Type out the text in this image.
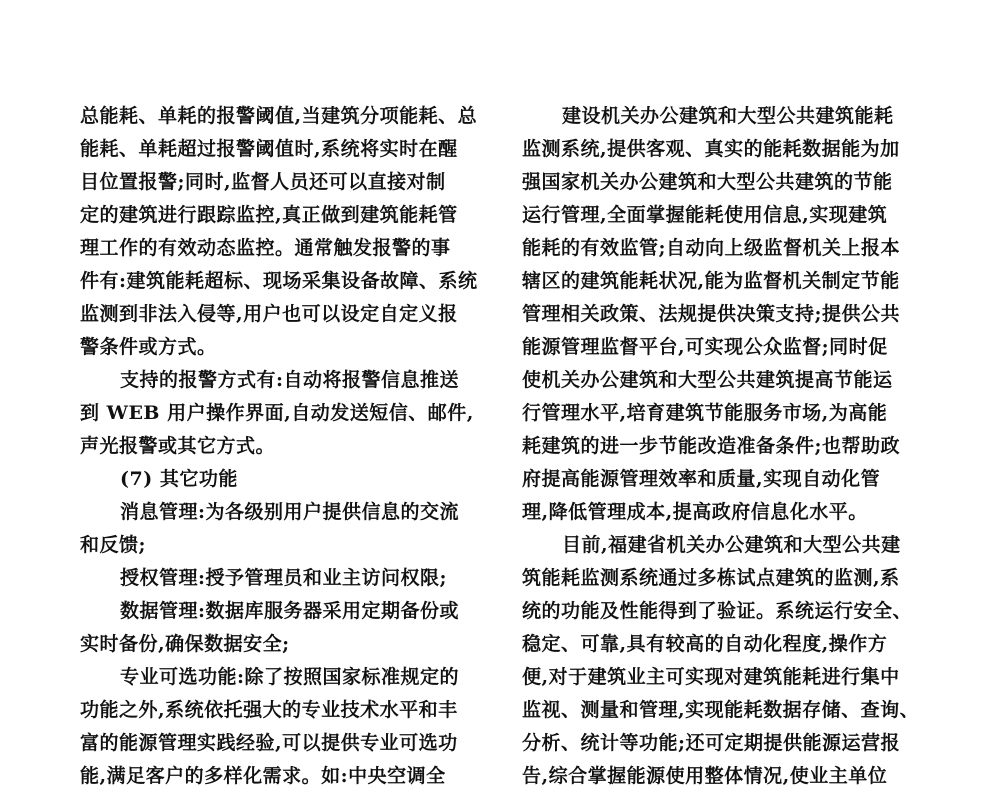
总能耗、单耗的报警阈值,当建筑分项能耗、总
能耗、单耗超过报警阈值时,系统将实时在醒
目位置报警;同时,监督人员还可以直接对制
定的建筑进行跟踪监控,真正做到建筑能耗管
理工作的有效动态监控。通常触发报警的事
件有:建筑能耗超标、现场采集设备故障、系统
监测到非法入侵等,用户也可以设定自定义报
警条件或方式。
支持的报警方式有:自动将报警信息推送
到 WEB 用户操作界面,自动发送短信、邮件,
声光报警或其它方式。
(7) 其它功能
消息管理:为各级别用户提供信息的交流
和反馈;
授权管理:授予管理员和业主访问权限;
数据管理:数据库服务器采用定期备份或
实时备份,确保数据安全;
专业可选功能:除了按照国家标准规定的
功能之外,系统依托强大的专业技术水平和丰
富的能源管理实践经验,可以提供专业可选功
能,满足客户的多样化需求。如:中央空调全
建设机关办公建筑和大型公共建筑能耗
监测系统,提供客观、真实的能耗数据能为加
强国家机关办公建筑和大型公共建筑的节能
运行管理,全面掌握能耗使用信息,实现建筑
能耗的有效监管;自动向上级监督机关上报本
辖区的建筑能耗状况,能为监督机关制定节能
管理相关政策、法规提供决策支持;提供公共
能源管理监督平台,可实现公众监督;同时促
使机关办公建筑和大型公共建筑提高节能运
行管理水平,培育建筑节能服务市场,为高能
耗建筑的进一步节能改造准备条件;也帮助政
府提高能源管理效率和质量,实现自动化管
理,降低管理成本,提高政府信息化水平。
目前,福建省机关办公建筑和大型公共建
筑能耗监测系统通过多栋试点建筑的监测,系
统的功能及性能得到了验证。系统运行安全、
稳定、可靠,具有较高的自动化程度,操作方
便,对于建筑业主可实现对建筑能耗进行集中
监视、测量和管理,实现能耗数据存储、查询、
分析、统计等功能;还可定期提供能源运营报
告,综合掌握能源使用整体情况,使业主单位
